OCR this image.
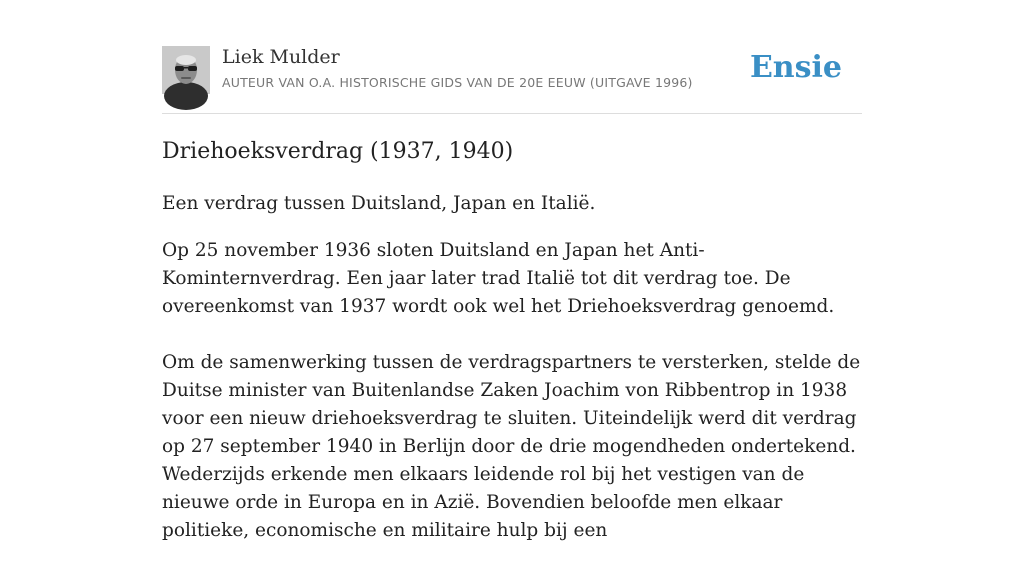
Liek Mulder
AUTEUR VAN O.A. HISTORISCHE GIDS VAN DE 20E EEUW (UITGAVE 1996) Ensie
Driehoeksverdrag (1937, 1940)

Een verdrag tussen Duitsland, Japan en Italië.

Op 25 november 1936 sloten Duitsland en Japan het Anti-Kominternverdrag. Een jaar later trad Italië tot dit verdrag toe. De overeenkomst van 1937 wordt ook wel het Driehoeksverdrag genoemd.

Om de samenwerking tussen de verdragspartners te versterken, stelde de Duitse minister van Buitenlandse Zaken Joachim von Ribbentrop in 1938 voor een nieuw driehoeksverdrag te sluiten. Uiteindelijk werd dit verdrag op 27 september 1940 in Berlijn door de drie mogendheden ondertekend. Wederzijds erkende men elkaars leidende rol bij het vestigen van de nieuwe orde in Europa en in Azië. Bovendien beloofde men elkaar politieke, economische en militaire hulp bij een
